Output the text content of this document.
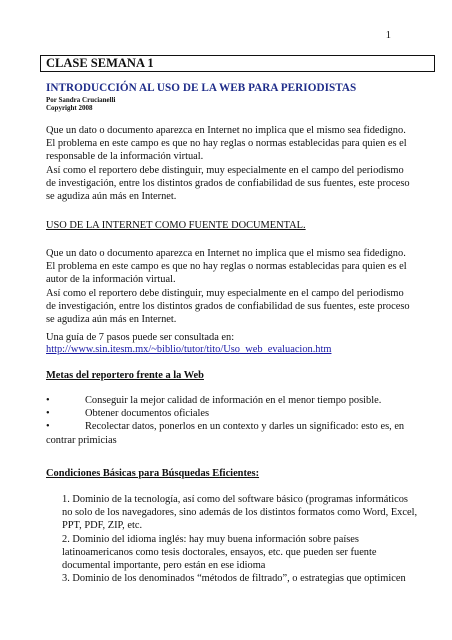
1
CLASE SEMANA 1
INTRODUCCIÓN AL USO DE LA WEB PARA PERIODISTAS
Por Sandra Crucianelli
Copyright 2008

Que un dato o documento aparezca en Internet no implica que el mismo sea fidedigno.

El problema en este campo es que no hay reglas o normas establecidas para quien es el

responsable de la información virtual.

Así como el reportero debe distinguir, muy especialmente en el campo del periodismo

de investigación, entre los distintos grados de confiabilidad de sus fuentes, este proceso

se agudiza aún más en Internet.

USO DE LA INTERNET COMO FUENTE DOCUMENTAL.

Que un dato o documento aparezca en Internet no implica que el mismo sea fidedigno.

El problema en este campo es que no hay reglas o normas establecidas para quien es el

autor de la información virtual.

Así como el reportero debe distinguir, muy especialmente en el campo del periodismo

de investigación, entre los distintos grados de confiabilidad de sus fuentes, este proceso

se agudiza aún más en Internet.

Una guía de 7 pasos puede ser consultada en:
http://www.sin.itesm.mx/~biblio/tutor/tito/Uso_web_evaluacion.htm
Metas del reportero frente a la Web
•	Conseguir la mejor calidad de información en el menor tiempo posible.
•	Obtener documentos oficiales
•	Recolectar datos, ponerlos en un contexto y darles un significado: esto es, en
contrar primicias
Condiciones Básicas para Búsquedas Eficientes:

1. Dominio de la tecnología, así como del software básico (programas informáticos

no solo de los navegadores, sino además de los distintos formatos como Word, Excel,

PPT, PDF, ZIP, etc.

2. Dominio del idioma inglés: hay muy buena información sobre países

latinoamericanos como tesis doctorales, ensayos, etc. que pueden ser fuente

documental importante, pero están en ese idioma

3. Dominio de los denominados “métodos de filtrado”, o estrategias que optimicen
